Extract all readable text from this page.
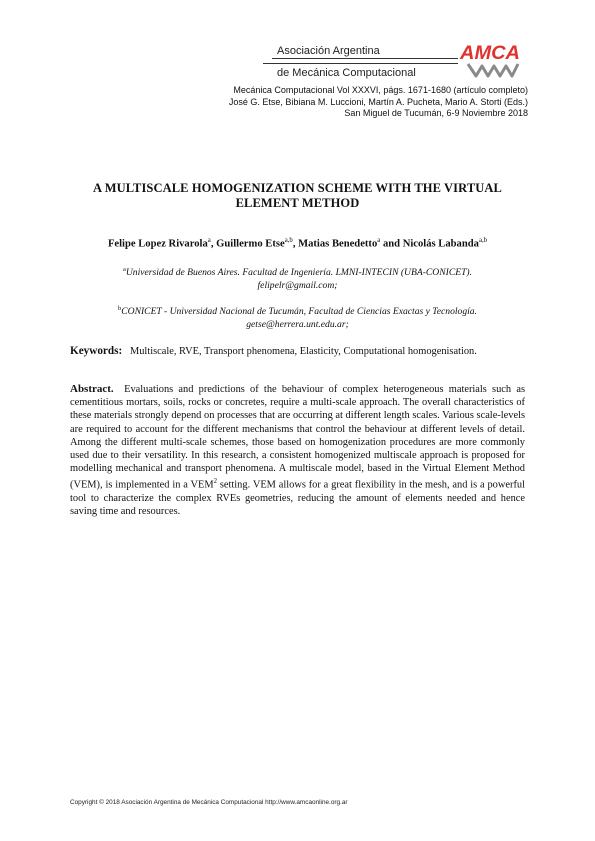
Asociación Argentina
de Mecánica Computacional
AMCA
Mecánica Computacional Vol XXXVI, págs. 1671-1680 (artículo completo)
José G. Etse, Bibiana M. Luccioni, Martín A. Pucheta, Mario A. Storti (Eds.)
San Miguel de Tucumán, 6-9 Noviembre 2018
A MULTISCALE HOMOGENIZATION SCHEME WITH THE VIRTUAL
ELEMENT METHOD
Felipe Lopez Rivarola$^a$, Guillermo Etse$^{a,b}$, Matias Benedetto$^a$ and Nicolás Labanda$^{a,b}$
$^a$Universidad de Buenos Aires. Facultad de Ingeniería. LMNI-INTECIN (UBA-CONICET).
felipelr@gmail.com;
$^b$CONICET - Universidad Nacional de Tucumán, Facultad de Ciencias Exactas y Tecnología.
getse@herrera.unt.edu.ar;
Keywords: Multiscale, RVE, Transport phenomena, Elasticity, Computational homogenisation.
Abstract. Evaluations and predictions of the behaviour of complex heterogeneous materials such as cementitious mortars, soils, rocks or concretes, require a multi-scale approach. The overall characteristics of these materials strongly depend on processes that are occurring at different length scales. Various scale-levels are required to account for the different mechanisms that control the behaviour at different levels of detail. Among the different multi-scale schemes, those based on homogenization procedures are more commonly used due to their versatility. In this research, a consistent homogenized multiscale approach is proposed for modelling mechanical and transport phenomena. A multiscale model, based in the Virtual Element Method (VEM), is implemented in a VEM$^2$ setting. VEM allows for a great flexibility in the mesh, and is a powerful tool to characterize the complex RVEs geometries, reducing the amount of elements needed and hence saving time and resources.
Copyright © 2018 Asociación Argentina de Mecánica Computacional http://www.amcaonline.org.ar
